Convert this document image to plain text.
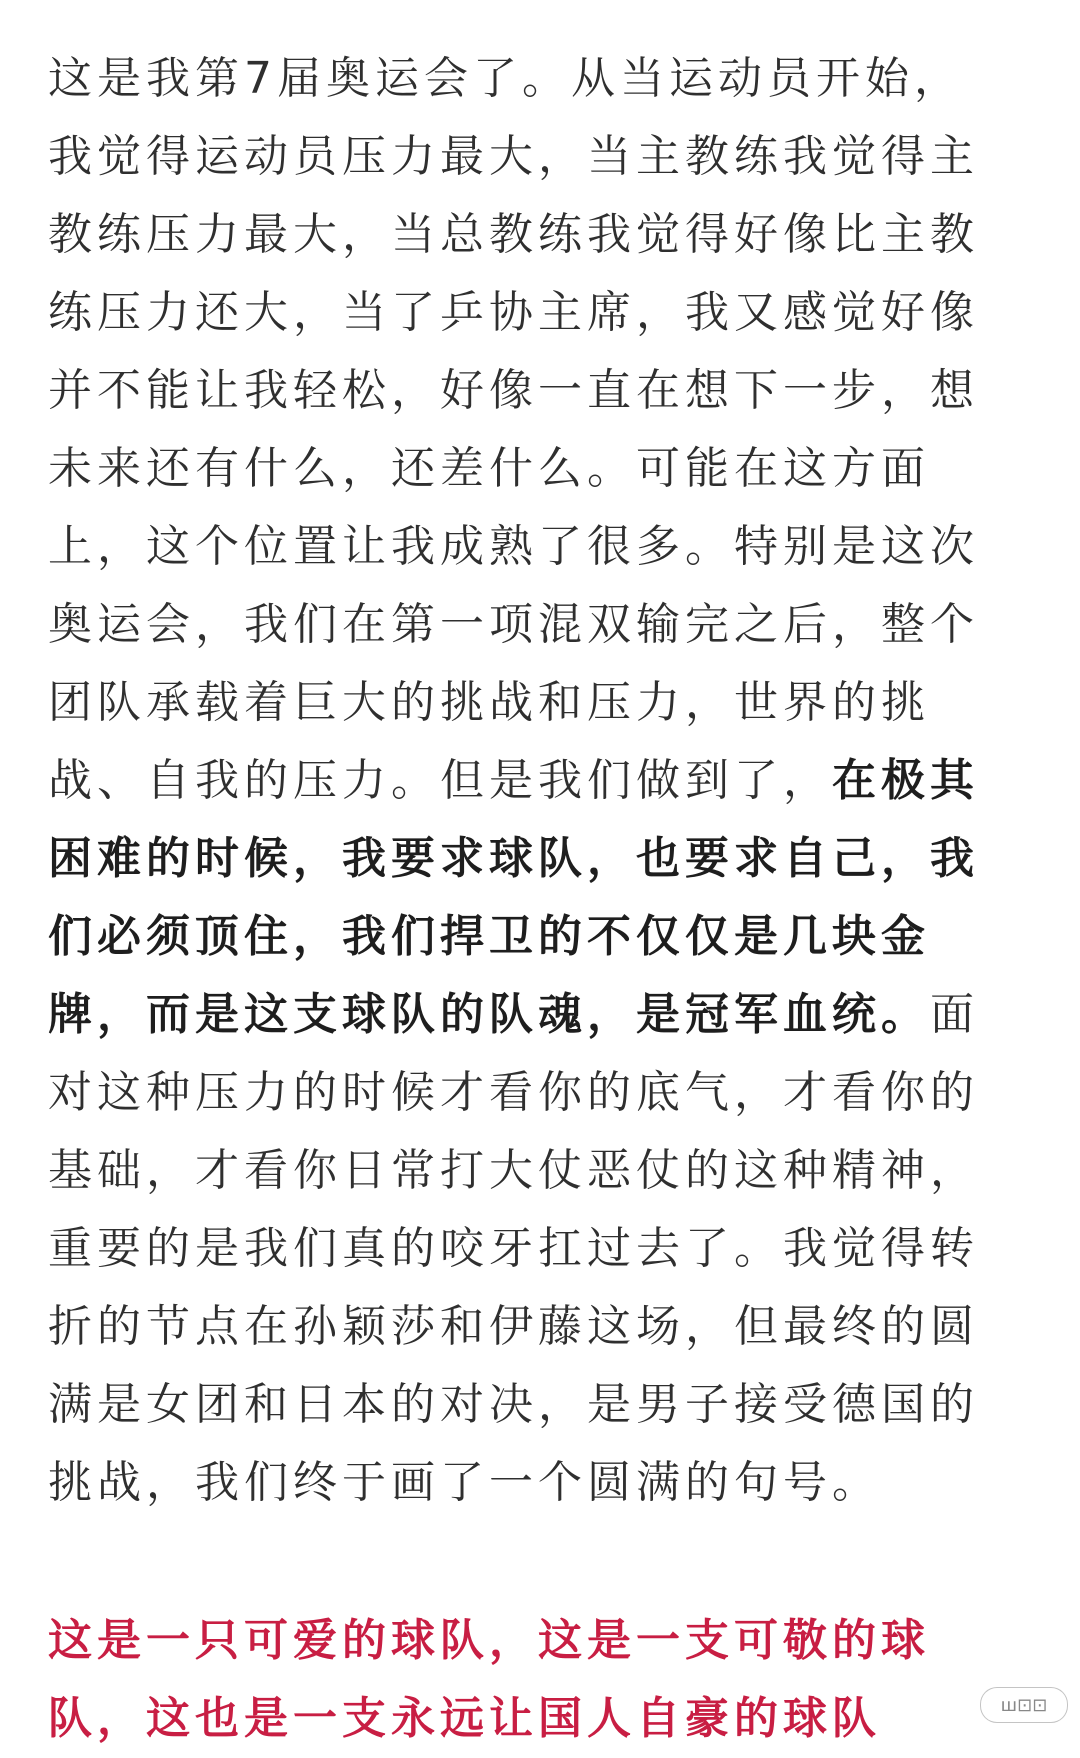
这是我第7届奥运会了。从当运动员开始，
我觉得运动员压力最大，当主教练我觉得主
教练压力最大，当总教练我觉得好像比主教
练压力还大，当了乒协主席，我又感觉好像
并不能让我轻松，好像一直在想下一步，想
未来还有什么，还差什么。可能在这方面
上，这个位置让我成熟了很多。特别是这次
奥运会，我们在第一项混双输完之后，整个
团队承载着巨大的挑战和压力，世界的挑
战、自我的压力。但是我们做到了，在极其
困难的时候，我要求球队，也要求自己，我
们必须顶住，我们捍卫的不仅仅是几块金
牌，而是这支球队的队魂，是冠军血统。面
对这种压力的时候才看你的底气，才看你的
基础，才看你日常打大仗恶仗的这种精神，
重要的是我们真的咬牙扛过去了。我觉得转
折的节点在孙颖莎和伊藤这场，但最终的圆
满是女团和日本的对决，是男子接受德国的
挑战，我们终于画了一个圆满的句号。
这是一只可爱的球队，这是一支可敬的球
队，这也是一支永远让国人自豪的球队	ꟺ⊡⊡
